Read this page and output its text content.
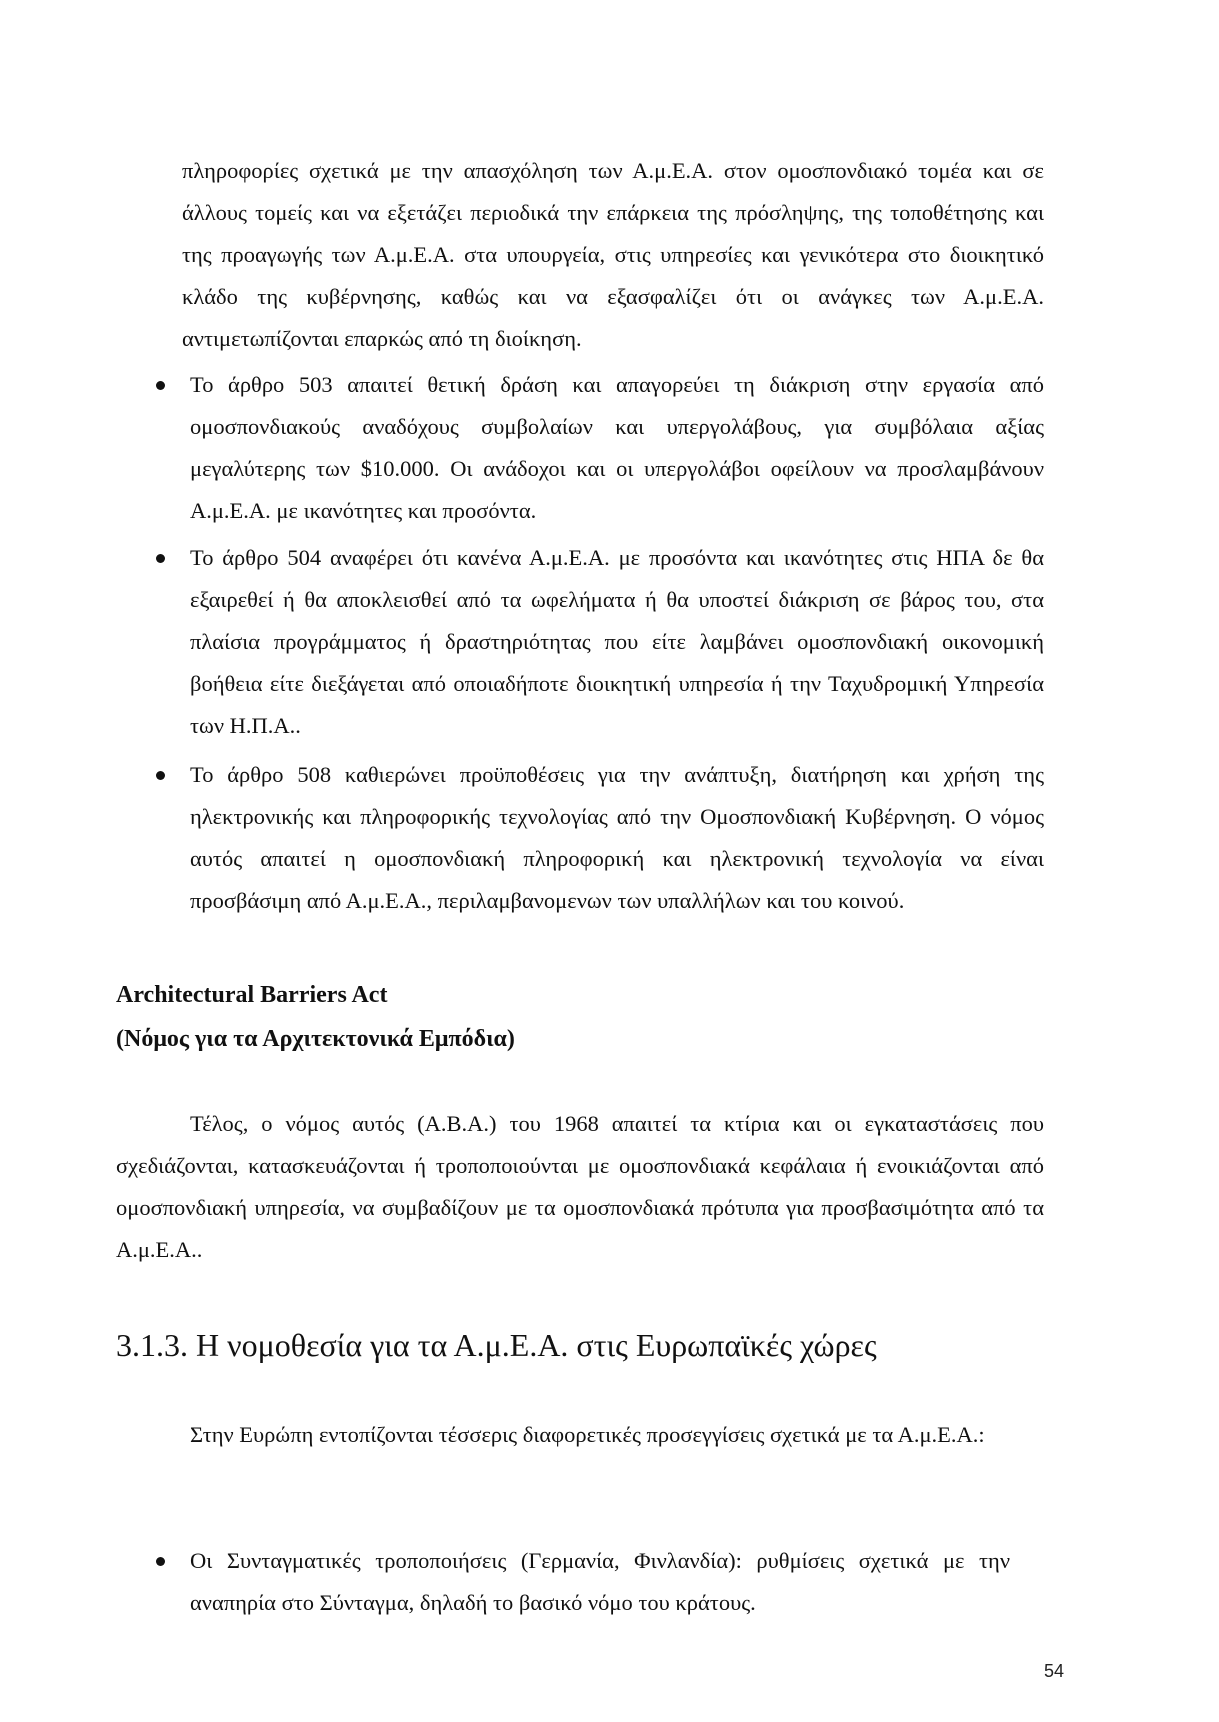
πληροφορίες σχετικά με την απασχόληση των Α.μ.Ε.Α. στον ομοσπονδιακό τομέα και σε άλλους τομείς και να εξετάζει περιοδικά την επάρκεια της πρόσληψης, της τοποθέτησης και της προαγωγής των Α.μ.Ε.Α. στα υπουργεία, στις υπηρεσίες και γενικότερα στο διοικητικό κλάδο της κυβέρνησης, καθώς και να εξασφαλίζει ότι οι ανάγκες των Α.μ.Ε.Α. αντιμετωπίζονται επαρκώς από τη διοίκηση.

Το άρθρο 503 απαιτεί θετική δράση και απαγορεύει τη διάκριση στην εργασία από ομοσπονδιακούς αναδόχους συμβολαίων και υπεργολάβους, για συμβόλαια αξίας μεγαλύτερης των $10.000. Οι ανάδοχοι και οι υπεργολάβοι οφείλουν να προσλαμβάνουν Α.μ.Ε.Α. με ικανότητες και προσόντα.

Το άρθρο 504 αναφέρει ότι κανένα Α.μ.Ε.Α. με προσόντα και ικανότητες στις ΗΠΑ δε θα εξαιρεθεί ή θα αποκλεισθεί από τα ωφελήματα ή θα υποστεί διάκριση σε βάρος του, στα πλαίσια προγράμματος ή δραστηριότητας που είτε λαμβάνει ομοσπονδιακή οικονομική βοήθεια είτε διεξάγεται από οποιαδήποτε διοικητική υπηρεσία ή την Ταχυδρομική Υπηρεσία των Η.Π.Α..

Το άρθρο 508 καθιερώνει προϋποθέσεις για την ανάπτυξη, διατήρηση και χρήση της ηλεκτρονικής και πληροφορικής τεχνολογίας από την Ομοσπονδιακή Κυβέρνηση. Ο νόμος αυτός απαιτεί η ομοσπονδιακή πληροφορική και ηλεκτρονική τεχνολογία να είναι προσβάσιμη από Α.μ.Ε.Α., περιλαμβανομενων των υπαλλήλων και του κοινού.

Architectural Barriers Act

(Νόμος για τα Αρχιτεκτονικά Εμπόδια)

Τέλος, ο νόμος αυτός (Α.Β.Α.) του 1968 απαιτεί τα κτίρια και οι εγκαταστάσεις που σχεδιάζονται, κατασκευάζονται ή τροποποιούνται με ομοσπονδιακά κεφάλαια ή ενοικιάζονται από ομοσπονδιακή υπηρεσία, να συμβαδίζουν με τα ομοσπονδιακά πρότυπα για προσβασιμότητα από τα Α.μ.Ε.Α..

3.1.3. Η νομοθεσία για τα Α.μ.Ε.Α. στις Ευρωπαϊκές χώρες

Στην Ευρώπη εντοπίζονται τέσσερις διαφορετικές προσεγγίσεις σχετικά με τα Α.μ.Ε.Α.:

Οι Συνταγματικές τροποποιήσεις (Γερμανία, Φινλανδία): ρυθμίσεις σχετικά με την αναπηρία στο Σύνταγμα, δηλαδή το βασικό νόμο του κράτους.

54
